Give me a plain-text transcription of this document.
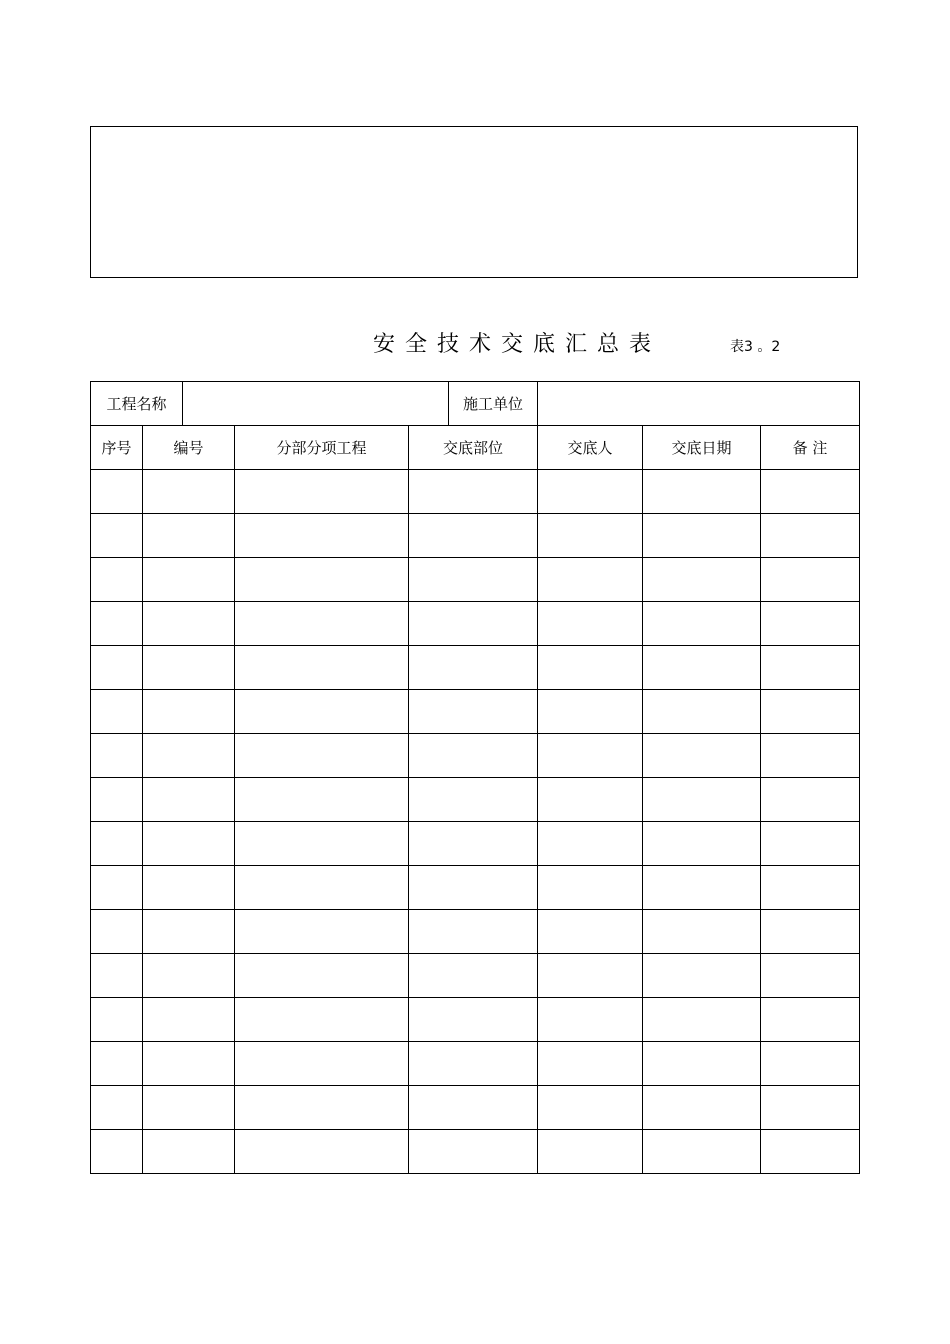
安全技术交底汇总表	表3 。2
工程名称					施工单位			
序号	编号		分部分项工程	交底部位		交底人	交底日期	备 注
